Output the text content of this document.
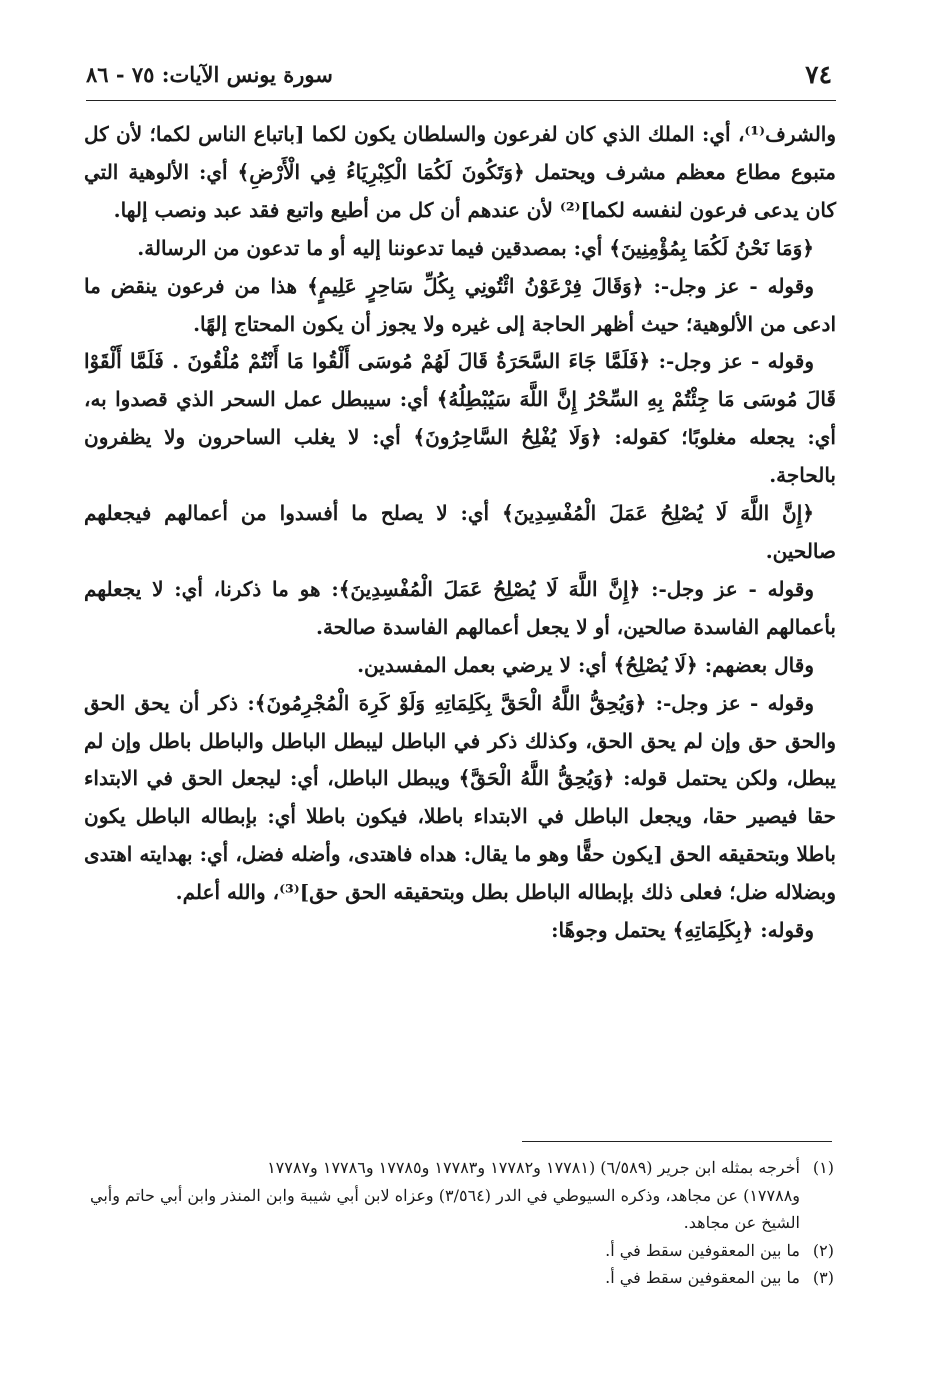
٧٤
سورة يونس الآيات: ٧٥ - ٨٦

والشرف⁽¹⁾، أي: الملك الذي كان لفرعون والسلطان يكون لكما [باتباع الناس لكما؛ لأن كل متبوع مطاع معظم مشرف ويحتمل ﴿وَتَكُونَ لَكُمَا الْكِبْرِيَاءُ فِي الْأَرْضِ﴾ أي: الألوهية التي كان يدعى فرعون لنفسه لكما]⁽²⁾ لأن عندهم أن كل من أطيع واتبع فقد عبد ونصب إلها.

﴿وَمَا نَحْنُ لَكُمَا بِمُؤْمِنِينَ﴾ أي: بمصدقين فيما تدعوننا إليه أو ما تدعون من الرسالة.

وقوله - عز وجل-: ﴿وَقَالَ فِرْعَوْنُ ائْتُونِي بِكُلِّ سَاحِرٍ عَلِيمٍ﴾ هذا من فرعون ينقض ما ادعى من الألوهية؛ حيث أظهر الحاجة إلى غيره ولا يجوز أن يكون المحتاج إلهًا.

وقوله - عز وجل-: ﴿فَلَمَّا جَاءَ السَّحَرَةُ قَالَ لَهُمْ مُوسَى أَلْقُوا مَا أَنْتُمْ مُلْقُونَ . فَلَمَّا أَلْقَوْا قَالَ مُوسَى مَا جِئْتُمْ بِهِ السِّحْرُ إِنَّ اللَّهَ سَيُبْطِلُهُ﴾ أي: سيبطل عمل السحر الذي قصدوا به، أي: يجعله مغلوبًا؛ كقوله: ﴿وَلَا يُفْلِحُ السَّاحِرُونَ﴾ أي: لا يغلب الساحرون ولا يظفرون بالحاجة.

﴿إِنَّ اللَّهَ لَا يُصْلِحُ عَمَلَ الْمُفْسِدِينَ﴾ أي: لا يصلح ما أفسدوا من أعمالهم فيجعلهم صالحين.

وقوله - عز وجل-: ﴿إِنَّ اللَّهَ لَا يُصْلِحُ عَمَلَ الْمُفْسِدِينَ﴾: هو ما ذكرنا، أي: لا يجعلهم بأعمالهم الفاسدة صالحين، أو لا يجعل أعمالهم الفاسدة صالحة.

وقال بعضهم: ﴿لَا يُصْلِحُ﴾ أي: لا يرضي بعمل المفسدين.

وقوله - عز وجل-: ﴿وَيُحِقُّ اللَّهُ الْحَقَّ بِكَلِمَاتِهِ وَلَوْ كَرِهَ الْمُجْرِمُونَ﴾: ذكر أن يحق الحق والحق حق وإن لم يحق الحق، وكذلك ذكر في الباطل ليبطل الباطل والباطل باطل وإن لم يبطل، ولكن يحتمل قوله: ﴿وَيُحِقُّ اللَّهُ الْحَقَّ﴾ ويبطل الباطل، أي: ليجعل الحق في الابتداء حقا فيصير حقا، ويجعل الباطل في الابتداء باطلا، فيكون باطلا أي: بإبطاله الباطل يكون باطلا وبتحقيقه الحق [يكون حقًّا وهو ما يقال: هداه فاهتدى، وأضله فضل، أي: بهدايته اهتدى وبضلاله ضل؛ فعلى ذلك بإبطاله الباطل بطل وبتحقيقه الحق حق]⁽³⁾، والله أعلم.

وقوله: ﴿بِكَلِمَاتِهِ﴾ يحتمل وجوهًا:

(١)أخرجه بمثله ابن جرير (٦/٥٨٩) (١٧٧٨١ و١٧٧٨٢ و١٧٧٨٣ و١٧٧٨٥ و١٧٧٨٦ و١٧٧٨٧

و١٧٧٨٨) عن مجاهد، وذكره السيوطي في الدر (٣/٥٦٤) وعزاه لابن أبي شيبة وابن المنذر وابن أبي حاتم وأبي الشيخ عن مجاهد.

(٢)ما بين المعقوفين سقط في أ.

(٣)ما بين المعقوفين سقط في أ.
